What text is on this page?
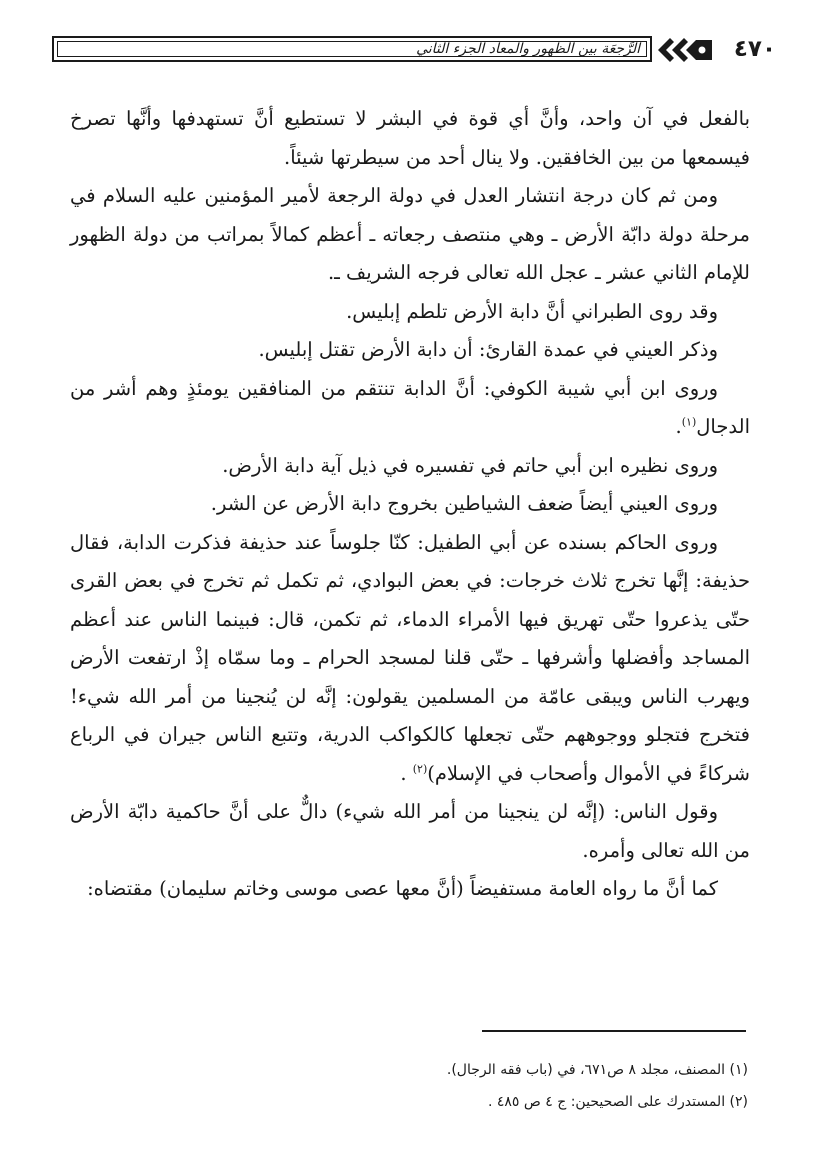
٤٧٠
الرَّجعَة بين الظهور والمعاد الجزء الثاني

بالفعل في آن واحد، وأنَّ أي قوة في البشر لا تستطيع أنَّ تستهدفها وأنَّها تصرخ فيسمعها من بين الخافقين. ولا ينال أحد من سيطرتها شيئاً.

ومن ثم كان درجة انتشار العدل في دولة الرجعة لأمير المؤمنين عليه السلام في مرحلة دولة دابّة الأرض ـ وهي منتصف رجعاته ـ أعظم كمالاً بمراتب من دولة الظهور للإمام الثاني عشر ـ عجل الله تعالى فرجه الشريف ـ.

وقد روى الطبراني أنَّ دابة الأرض تلطم إبليس.

وذكر العيني في عمدة القارئ: أن دابة الأرض تقتل إبليس.

وروى ابن أبي شيبة الكوفي: أنَّ الدابة تنتقم من المنافقين يومئذٍ وهم أشر من الدجال$^{(١)}$.

وروى نظيره ابن أبي حاتم في تفسيره في ذيل آية دابة الأرض.

وروى العيني أيضاً ضعف الشياطين بخروج دابة الأرض عن الشر.

وروى الحاكم بسنده عن أبي الطفيل: كنّا جلوساً عند حذيفة فذكرت الدابة، فقال حذيفة: إنَّها تخرج ثلاث خرجات: في بعض البوادي، ثم تكمل ثم تخرج في بعض القرى حتّى يذعروا حتّى تهريق فيها الأمراء الدماء، ثم تكمن، قال: فبينما الناس عند أعظم المساجد وأفضلها وأشرفها ـ حتّى قلنا لمسجد الحرام ـ وما سمّاه إذْ ارتفعت الأرض ويهرب الناس ويبقى عامّة من المسلمين يقولون: إنَّه لن يُنجينا من أمر الله شيء! فتخرج فتجلو ووجوههم حتّى تجعلها كالكواكب الدرية، وتتبع الناس جيران في الرباع شركاءً في الأموال وأصحاب في الإسلام)$^{(٢)}$ .

وقول الناس: (إنَّه لن ينجينا من أمر الله شيء) دالٌّ على أنَّ حاكمية دابّة الأرض من الله تعالى وأمره.

كما أنَّ ما رواه العامة مستفيضاً (أنَّ معها عصى موسى وخاتم سليمان) مقتضاه:

(١) المصنف، مجلد ٨ ص٦٧١، في (باب فقه الرجال).

(٢) المستدرك على الصحيحين: ج ٤ ص ٤٨٥ .
